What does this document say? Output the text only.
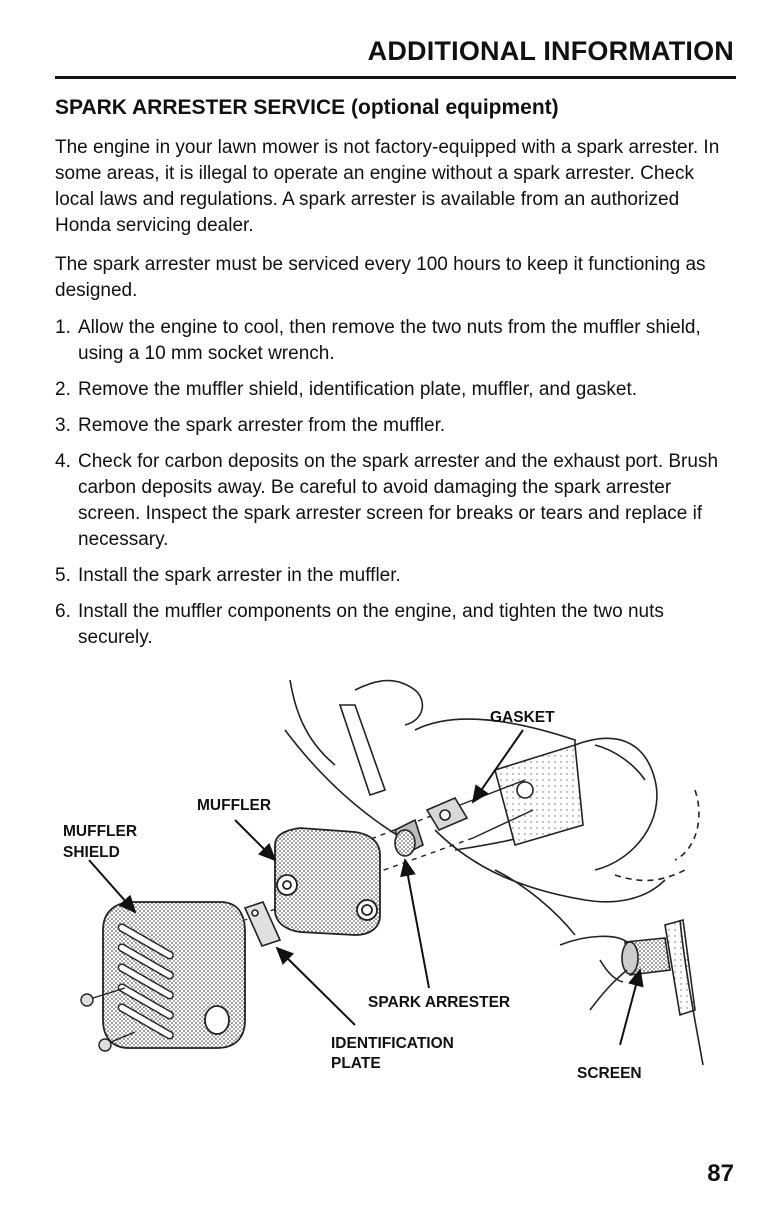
ADDITIONAL INFORMATION
SPARK ARRESTER SERVICE (optional equipment)

The engine in your lawn mower is not factory-equipped with a spark arrester. In some areas, it is illegal to operate an engine without a spark arrester. Check local laws and regulations. A spark arrester is available from an authorized Honda servicing dealer.

The spark arrester must be serviced every 100 hours to keep it functioning as designed.

1. Allow the engine to cool, then remove the two nuts from the muffler shield, using a 10 mm socket wrench.
2. Remove the muffler shield, identification plate, muffler, and gasket.
3. Remove the spark arrester from the muffler.
4. Check for carbon deposits on the spark arrester and the exhaust port. Brush carbon deposits away. Be careful to avoid damaging the spark arrester screen. Inspect the spark arrester screen for breaks or tears and replace if necessary.
5. Install the spark arrester in the muffler.
6. Install the muffler components on the engine, and tighten the two nuts securely.
GASKET
MUFFLER
MUFFLER
SHIELD
SPARK ARRESTER
IDENTIFICATION
PLATE
SCREEN
87
